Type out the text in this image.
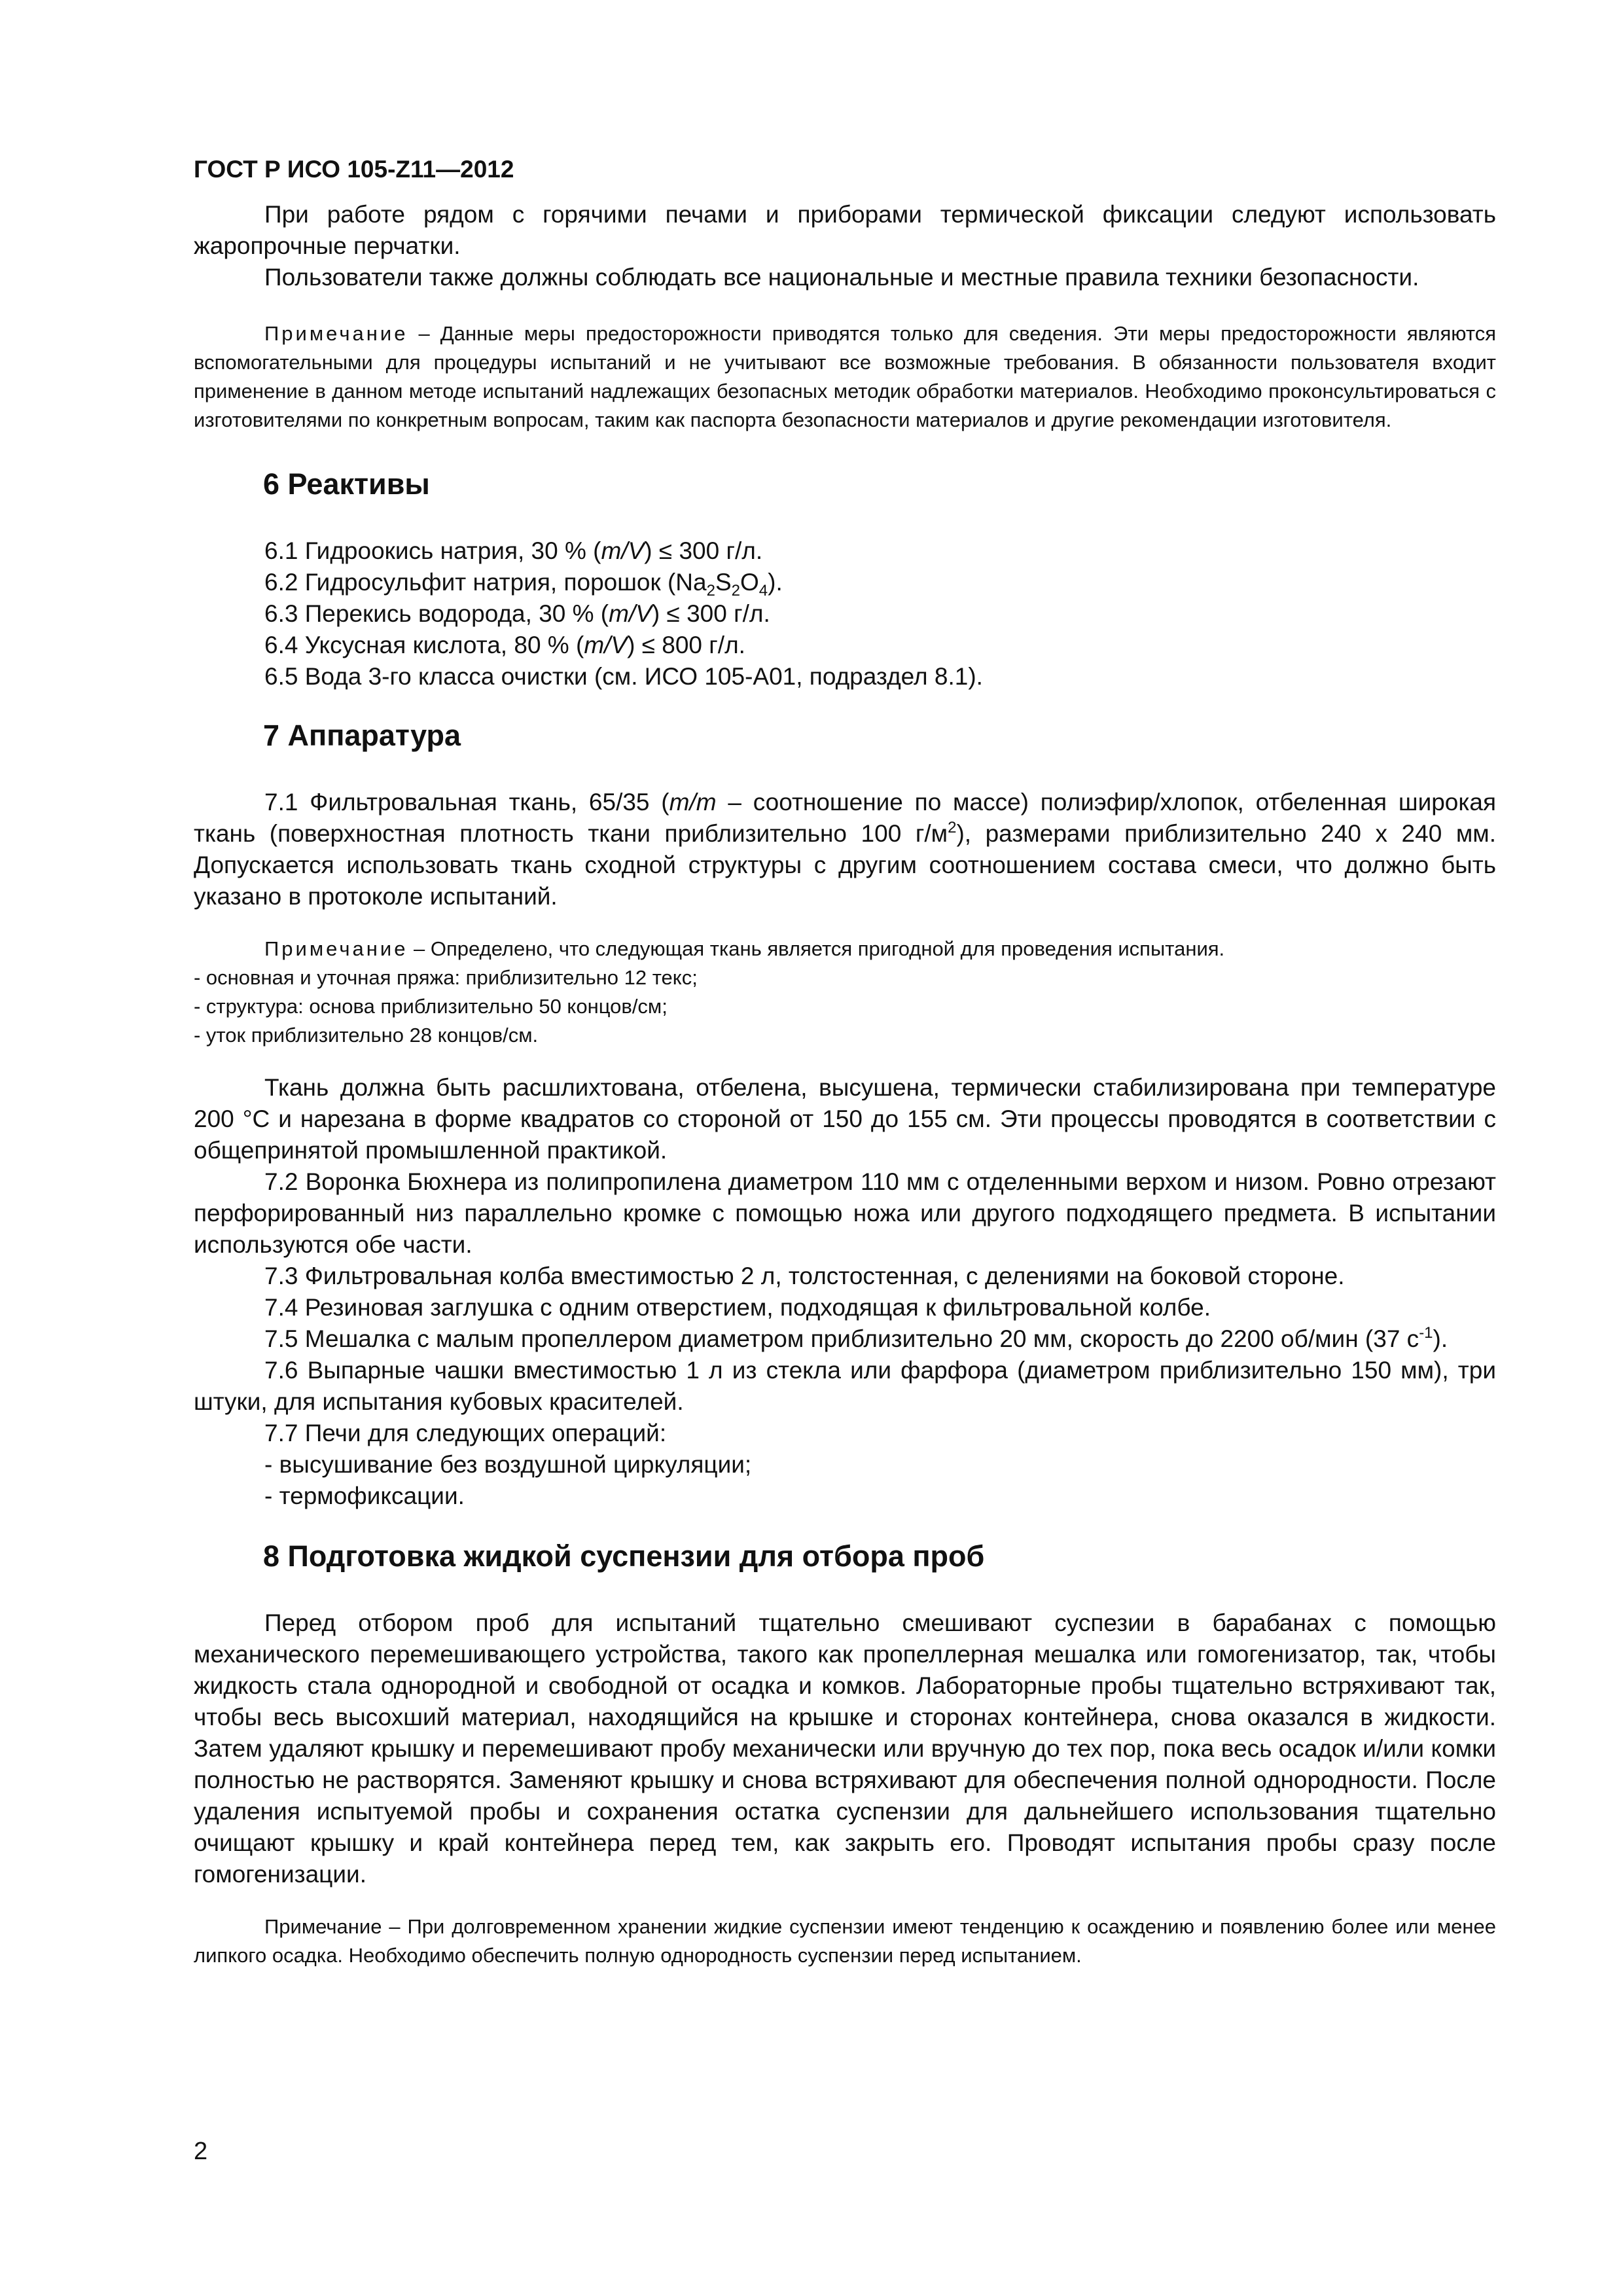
ГОСТ Р ИСО 105-Z11—2012

При работе рядом с горячими печами и приборами термической фиксации следуют использовать жаропрочные перчатки.

Пользователи также должны соблюдать все национальные и местные правила техники безопасности.

Примечание – Данные меры предосторожности приводятся только для сведения. Эти меры предосторожности являются вспомогательными для процедуры испытаний и не учитывают все возможные требования. В обязанности пользователя входит применение в данном методе испытаний надлежащих безопасных методик обработки материалов. Необходимо проконсультироваться с изготовителями по конкретным вопросам, таким как паспорта безопасности материалов и другие рекомендации изготовителя.

6 Реактивы
6.1 Гидроокись натрия, 30 % (m/V) ≤ 300 г/л.
6.2 Гидросульфит натрия, порошок $(Na_2S_2O_4)$.
6.3 Перекись водорода, 30 % (m/V) ≤ 300 г/л.
6.4 Уксусная кислота, 80 % (m/V) ≤ 800 г/л.
6.5 Вода 3-го класса очистки (см. ИСО 105-А01, подраздел 8.1).
7 Аппаратура

7.1 Фильтровальная ткань, 65/35 (m/m – соотношение по массе) полиэфир/хлопок, отбеленная широкая ткань (поверхностная плотность ткани приблизительно 100 $г/м^2$), размерами приблизительно 240 x 240 мм. Допускается использовать ткань сходной структуры с другим соотношением состава смеси, что должно быть указано в протоколе испытаний.

Примечание – Определено, что следующая ткань является пригодной для проведения испытания.

- основная и уточная пряжа: приблизительно 12 текс;

- структура: основа приблизительно 50 концов/см;

- уток приблизительно 28 концов/см.

Ткань должна быть расшлихтована, отбелена, высушена, термически стабилизирована при температуре 200 °С и нарезана в форме квадратов со стороной от 150 до 155 см. Эти процессы проводятся в соответствии с общепринятой промышленной практикой.

7.2 Воронка Бюхнера из полипропилена диаметром 110 мм с отделенными верхом и низом. Ровно отрезают перфорированный низ параллельно кромке с помощью ножа или другого подходящего предмета. В испытании используются обе части.

7.3 Фильтровальная колба вместимостью 2 л, толстостенная, с делениями на боковой стороне.

7.4 Резиновая заглушка с одним отверстием, подходящая к фильтровальной колбе.

7.5 Мешалка с малым пропеллером диаметром приблизительно 20 мм, скорость до 2200 об/мин (37 $с^{-1}$).

7.6 Выпарные чашки вместимостью 1 л из стекла или фарфора (диаметром приблизительно 150 мм), три штуки, для испытания кубовых красителей.

7.7 Печи для следующих операций:

- высушивание без воздушной циркуляции;

- термофиксации.

8 Подготовка жидкой суспензии для отбора проб

Перед отбором проб для испытаний тщательно смешивают суспезии в барабанах с помощью механического перемешивающего устройства, такого как пропеллерная мешалка или гомогенизатор, так, чтобы жидкость стала однородной и свободной от осадка и комков. Лабораторные пробы тщательно встряхивают так, чтобы весь высохший материал, находящийся на крышке и сторонах контейнера, снова оказался в жидкости. Затем удаляют крышку и перемешивают пробу механически или вручную до тех пор, пока весь осадок и/или комки полностью не растворятся. Заменяют крышку и снова встряхивают для обеспечения полной однородности. После удаления испытуемой пробы и сохранения остатка суспензии для дальнейшего использования тщательно очищают крышку и край контейнера перед тем, как закрыть его. Проводят испытания пробы сразу после гомогенизации.

Примечание – При долговременном хранении жидкие суспензии имеют тенденцию к осаждению и появлению более или менее липкого осадка. Необходимо обеспечить полную однородность суспензии перед испытанием.

2
